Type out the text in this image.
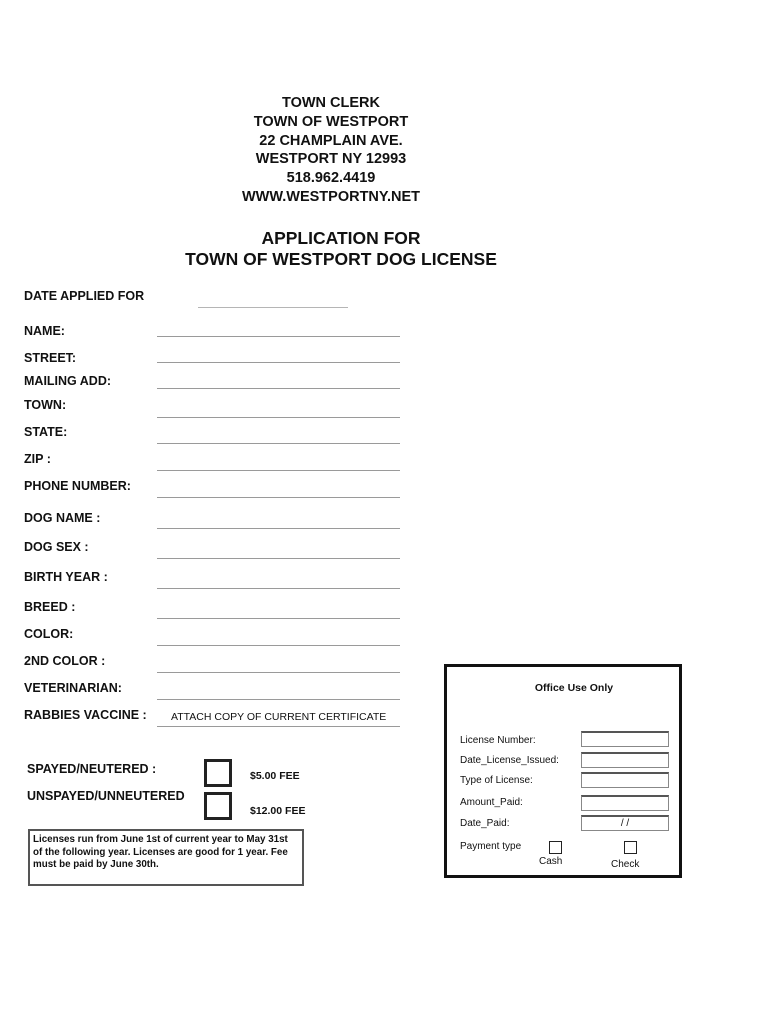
TOWN CLERK
TOWN OF WESTPORT
22 CHAMPLAIN AVE.
WESTPORT NY 12993
518.962.4419
WWW.WESTPORTNY.NET
APPLICATION FOR
TOWN OF WESTPORT DOG LICENSE
DATE APPLIED FOR
NAME:
STREET:
MAILING ADD:
TOWN:
STATE:
ZIP :
PHONE NUMBER:
DOG NAME :
DOG SEX :
BIRTH YEAR :
BREED :
COLOR:
2ND COLOR :
VETERINARIAN:
RABBIES VACCINE : ATTACH COPY OF CURRENT CERTIFICATE
SPAYED/NEUTERED :	$5.00 FEE
UNSPAYED/UNNEUTERED
$12.00 FEE
Licenses run from June 1st of current year to May 31st of the following year. Licenses are good for 1 year. Fee must be paid by June 30th.
Office Use Only
License Number:
Date_License_Issued:
Type of License:
Amount_Paid:
Date_Paid:	/ /
Payment type
Cash	Check
